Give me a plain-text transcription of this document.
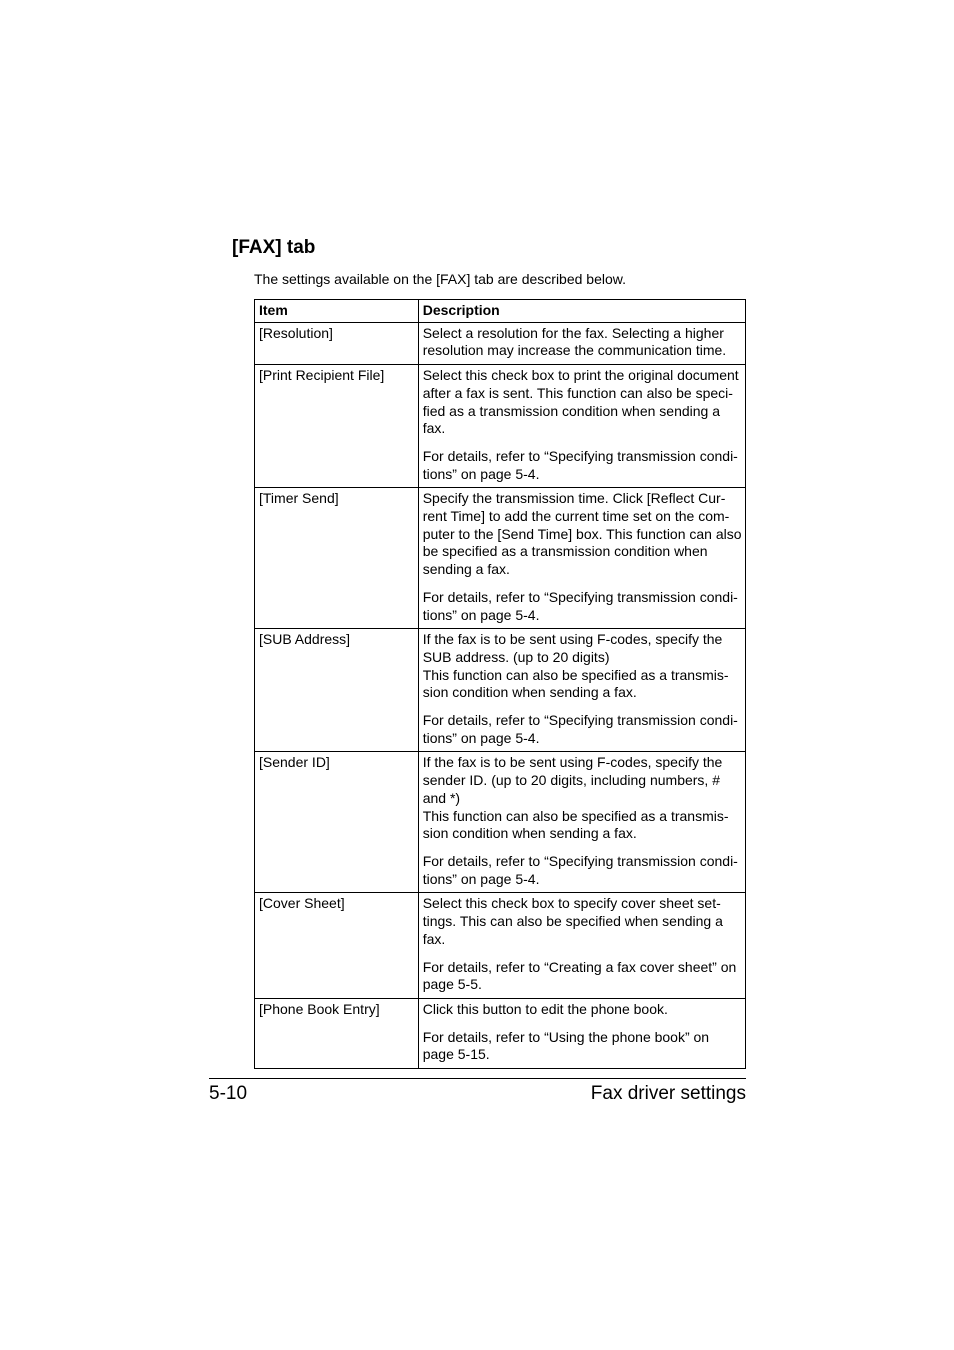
[FAX] tab

The settings available on the [FAX] tab are described below.

Item	Description
[Resolution]	Select a resolution for the fax. Selecting a higher resolution may increase the communication time.

[Print Recipient File]	Select this check box to print the original document after a fax is sent. This function can also be speci-fied as a transmission condition when sending a fax.

For details, refer to “Specifying transmission condi-tions” on page 5-4.

[Timer Send]	Specify the transmission time. Click [Reflect Cur-rent Time] to add the current time set on the com-puter to the [Send Time] box. This function can also be specified as a transmission condition when sending a fax.

For details, refer to “Specifying transmission condi-tions” on page 5-4.

[SUB Address]	If the fax is to be sent using F-codes, specify the SUB address. (up to 20 digits)
This function can also be specified as a transmis-sion condition when sending a fax.

For details, refer to “Specifying transmission condi-tions” on page 5-4.

[Sender ID]	If the fax is to be sent using F-codes, specify the sender ID. (up to 20 digits, including numbers, # and *)
This function can also be specified as a transmis-sion condition when sending a fax.

For details, refer to “Specifying transmission condi-tions” on page 5-4.

[Cover Sheet]	Select this check box to specify cover sheet set-tings. This can also be specified when sending a fax.

For details, refer to “Creating a fax cover sheet” on page 5-5.

[Phone Book Entry]	Click this button to edit the phone book.

For details, refer to “Using the phone book” on page 5-15.

5-10	Fax driver settings
